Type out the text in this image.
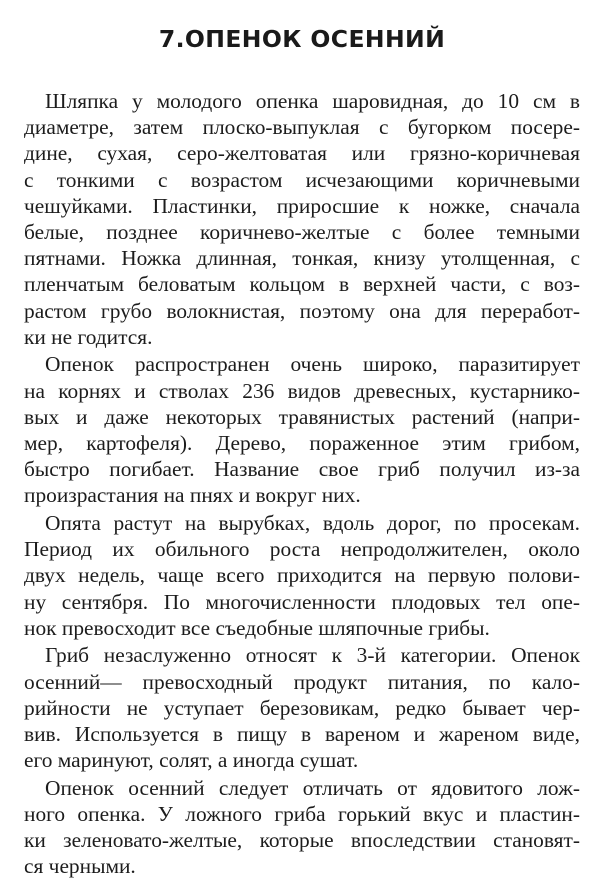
7.ОПЕНОК ОСЕННИЙ

Шляпка у молодого опенка шаровидная, до 10 см в
диаметре, затем плоско-выпуклая с бугорком посере-
дине, сухая, серо-желтоватая или грязно-коричневая
с тонкими с возрастом исчезающими коричневыми
чешуйками. Пластинки, приросшие к ножке, сначала
белые, позднее коричнево-желтые с более темными
пятнами. Ножка длинная, тонкая, книзу утолщенная, с
пленчатым беловатым кольцом в верхней части, с воз-
растом грубо волокнистая, поэтому она для переработ-
ки не годится.

Опенок распространен очень широко, паразитирует
на корнях и стволах 236 видов древесных, кустарнико-
вых и даже некоторых травянистых растений (напри-
мер, картофеля). Дерево, пораженное этим грибом,
быстро погибает. Название свое гриб получил из-за
произрастания на пнях и вокруг них.

Опята растут на вырубках, вдоль дорог, по просекам.
Период их обильного роста непродолжителен, около
двух недель, чаще всего приходится на первую полови-
ну сентября. По многочисленности плодовых тел опе-
нок превосходит все съедобные шляпочные грибы.

Гриб незаслуженно относят к 3-й категории. Опенок
осенний— превосходный продукт питания, по кало-
рийности не уступает березовикам, редко бывает чер-
вив. Используется в пищу в вареном и жареном виде,
его маринуют, солят, а иногда сушат.

Опенок осенний следует отличать от ядовитого лож-
ного опенка. У ложного гриба горький вкус и пластин-
ки зеленовато-желтые, которые впоследствии становят-
ся черными.
